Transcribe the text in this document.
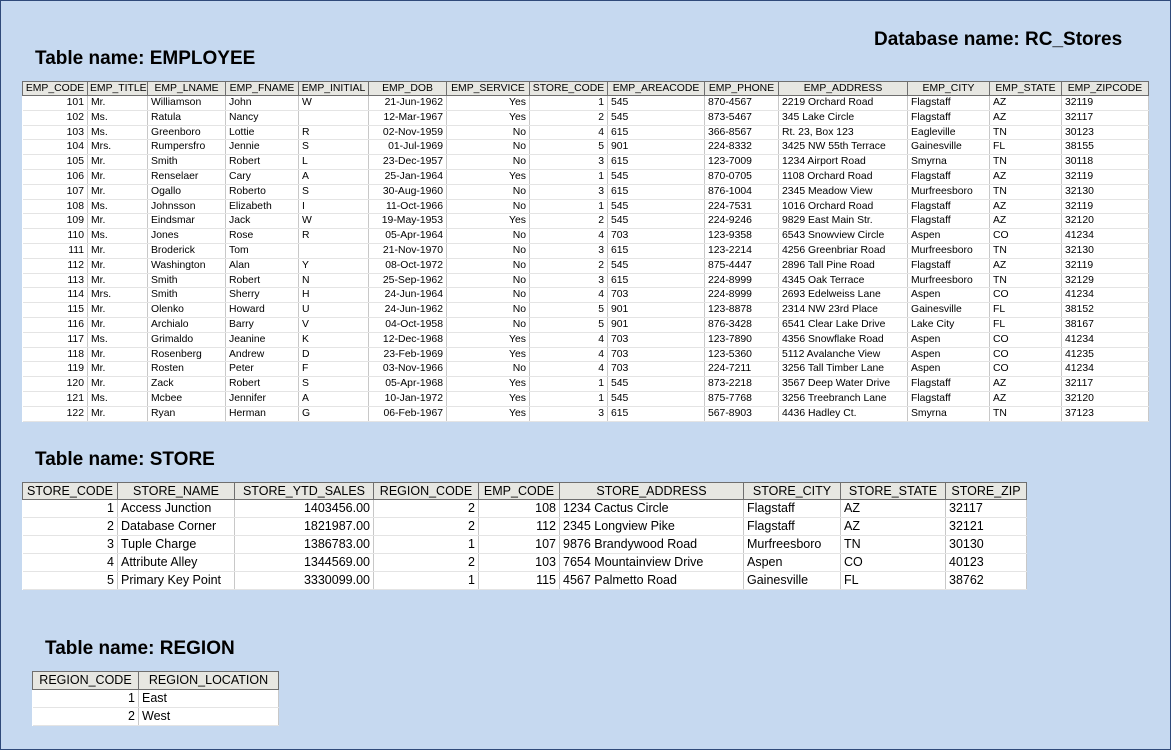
Database name: RC_Stores
Table name: EMPLOYEE
EMP_CODE	EMP_TITLE	EMP_LNAME	EMP_FNAME	EMP_INITIAL	EMP_DOB	EMP_SERVICE	STORE_CODE	EMP_AREACODE	EMP_PHONE	EMP_ADDRESS	EMP_CITY	EMP_STATE	EMP_ZIPCODE
101	Mr.	Williamson	John	W	21-Jun-1962	Yes	1	545	870-4567	2219 Orchard Road	Flagstaff	AZ	32119
102	Ms.	Ratula	Nancy		12-Mar-1967	Yes	2	545	873-5467	345 Lake Circle	Flagstaff	AZ	32117
103	Ms.	Greenboro	Lottie	R	02-Nov-1959	No	4	615	366-8567	Rt. 23, Box 123	Eagleville	TN	30123
104	Mrs.	Rumpersfro	Jennie	S	01-Jul-1969	No	5	901	224-8332	3425 NW 55th Terrace	Gainesville	FL	38155
105	Mr.	Smith	Robert	L	23-Dec-1957	No	3	615	123-7009	1234 Airport Road	Smyrna	TN	30118
106	Mr.	Renselaer	Cary	A	25-Jan-1964	Yes	1	545	870-0705	1108 Orchard Road	Flagstaff	AZ	32119
107	Mr.	Ogallo	Roberto	S	30-Aug-1960	No	3	615	876-1004	2345 Meadow View	Murfreesboro	TN	32130
108	Ms.	Johnsson	Elizabeth	I	11-Oct-1966	No	1	545	224-7531	1016 Orchard Road	Flagstaff	AZ	32119
109	Mr.	Eindsmar	Jack	W	19-May-1953	Yes	2	545	224-9246	9829 East Main Str.	Flagstaff	AZ	32120
110	Ms.	Jones	Rose	R	05-Apr-1964	No	4	703	123-9358	6543 Snowview Circle	Aspen	CO	41234
111	Mr.	Broderick	Tom		21-Nov-1970	No	3	615	123-2214	4256 Greenbriar Road	Murfreesboro	TN	32130
112	Mr.	Washington	Alan	Y	08-Oct-1972	No	2	545	875-4447	2896 Tall Pine Road	Flagstaff	AZ	32119
113	Mr.	Smith	Robert	N	25-Sep-1962	No	3	615	224-8999	4345 Oak Terrace	Murfreesboro	TN	32129
114	Mrs.	Smith	Sherry	H	24-Jun-1964	No	4	703	224-8999	2693 Edelweiss Lane	Aspen	CO	41234
115	Mr.	Olenko	Howard	U	24-Jun-1962	No	5	901	123-8878	2314 NW 23rd Place	Gainesville	FL	38152
116	Mr.	Archialo	Barry	V	04-Oct-1958	No	5	901	876-3428	6541 Clear Lake Drive	Lake City	FL	38167
117	Ms.	Grimaldo	Jeanine	K	12-Dec-1968	Yes	4	703	123-7890	4356 Snowflake Road	Aspen	CO	41234
118	Mr.	Rosenberg	Andrew	D	23-Feb-1969	Yes	4	703	123-5360	5112 Avalanche View	Aspen	CO	41235
119	Mr.	Rosten	Peter	F	03-Nov-1966	No	4	703	224-7211	3256 Tall Timber Lane	Aspen	CO	41234
120	Mr.	Zack	Robert	S	05-Apr-1968	Yes	1	545	873-2218	3567 Deep Water Drive	Flagstaff	AZ	32117
121	Ms.	Mcbee	Jennifer	A	10-Jan-1972	Yes	1	545	875-7768	3256 Treebranch Lane	Flagstaff	AZ	32120
122	Mr.	Ryan	Herman	G	06-Feb-1967	Yes	3	615	567-8903	4436 Hadley Ct.	Smyrna	TN	37123
Table name: STORE
STORE_CODE	STORE_NAME	STORE_YTD_SALES	REGION_CODE	EMP_CODE	STORE_ADDRESS	STORE_CITY	STORE_STATE	STORE_ZIP
1	Access Junction	1403456.00	2	108	1234 Cactus Circle	Flagstaff	AZ	32117
2	Database Corner	1821987.00	2	112	2345 Longview Pike	Flagstaff	AZ	32121
3	Tuple Charge	1386783.00	1	107	9876 Brandywood Road	Murfreesboro	TN	30130
4	Attribute Alley	1344569.00	2	103	7654 Mountainview Drive	Aspen	CO	40123
5	Primary Key Point	3330099.00	1	115	4567 Palmetto Road	Gainesville	FL	38762
Table name: REGION
REGION_CODE	REGION_LOCATION
1	East
2	West
